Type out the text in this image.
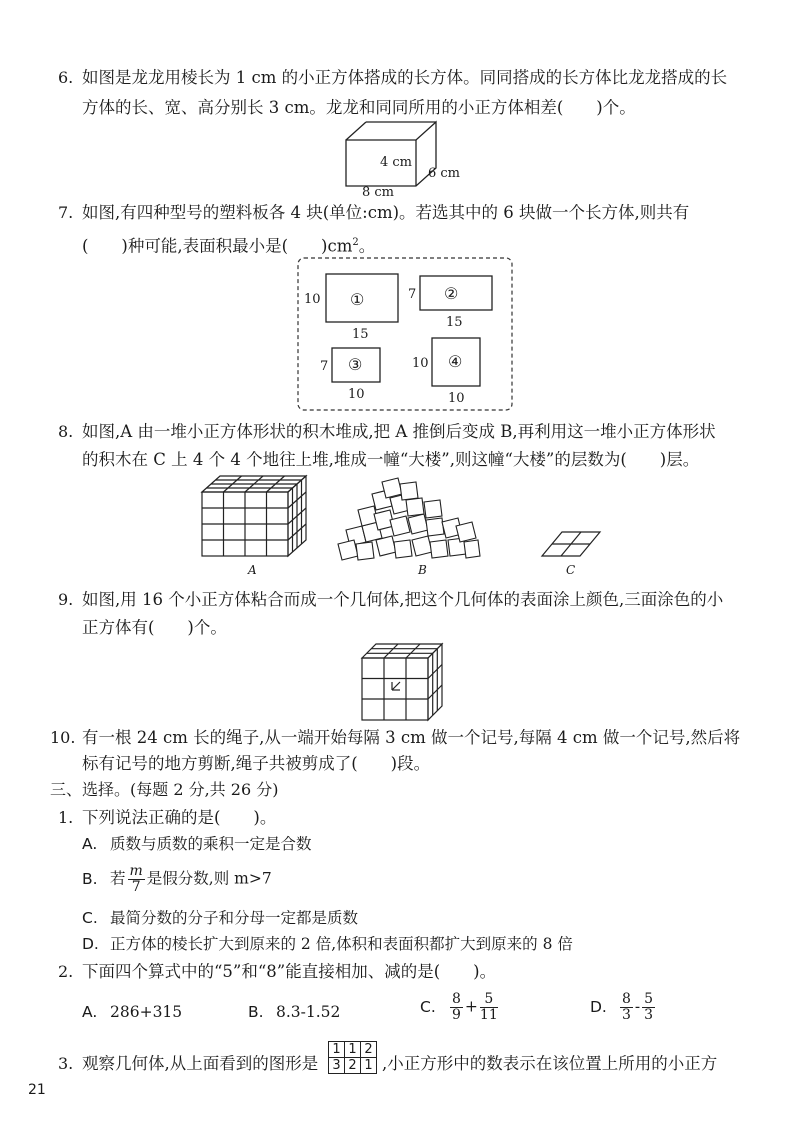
6. 如图是龙龙用棱长为 1 cm 的小正方体搭成的长方体。同同搭成的长方体比龙龙搭成的长
方体的长、宽、高分别长 3 cm。龙龙和同同所用的小正方体相差(　　)个。
4 cm
6 cm
8 cm
7. 如图,有四种型号的塑料板各 4 块(单位:cm)。若选其中的 6 块做一个长方体,则共有
(　　)种可能,表面积最小是(　　)$cm^2$。
①
10
15
②
7
15
③
7
10
④
10
10
8. 如图,A 由一堆小正方体形状的积木堆成,把 A 推倒后变成 B,再利用这一堆小正方体形状
的积木在 C 上 4 个 4 个地往上堆,堆成一幢“大楼”,则这幢“大楼”的层数为(　　)层。
A	B	C
9. 如图,用 16 个小正方体粘合而成一个几何体,把这个几何体的表面涂上颜色,三面涂色的小
正方体有(　　)个。
10. 有一根 24 cm 长的绳子,从一端开始每隔 3 cm 做一个记号,每隔 4 cm 做一个记号,然后将
标有记号的地方剪断,绳子共被剪成了(　　)段。
三、选择。(每题 2 分,共 26 分)
1. 下列说法正确的是(　　)。
A. 质数与质数的乘积一定是合数
B. 若 $\frac{m}{7}$ 是假分数,则 m>7
C. 最简分数的分子和分母一定都是质数
D. 正方体的棱长扩大到原来的 2 倍,体积和表面积都扩大到原来的 8 倍
2. 下面四个算式中的“5”和“8”能直接相加、减的是(　　)。
A. 286+315	B. 8.3-1.52	C. $\frac{8}{9} + \frac{5}{11}$	D. $\frac{8}{3} - \frac{5}{3}$
3. 观察几何体,从上面看到的图形是
1	1	2
3	2	1 ,小正方形中的数表示在该位置上所用的小正方
21
